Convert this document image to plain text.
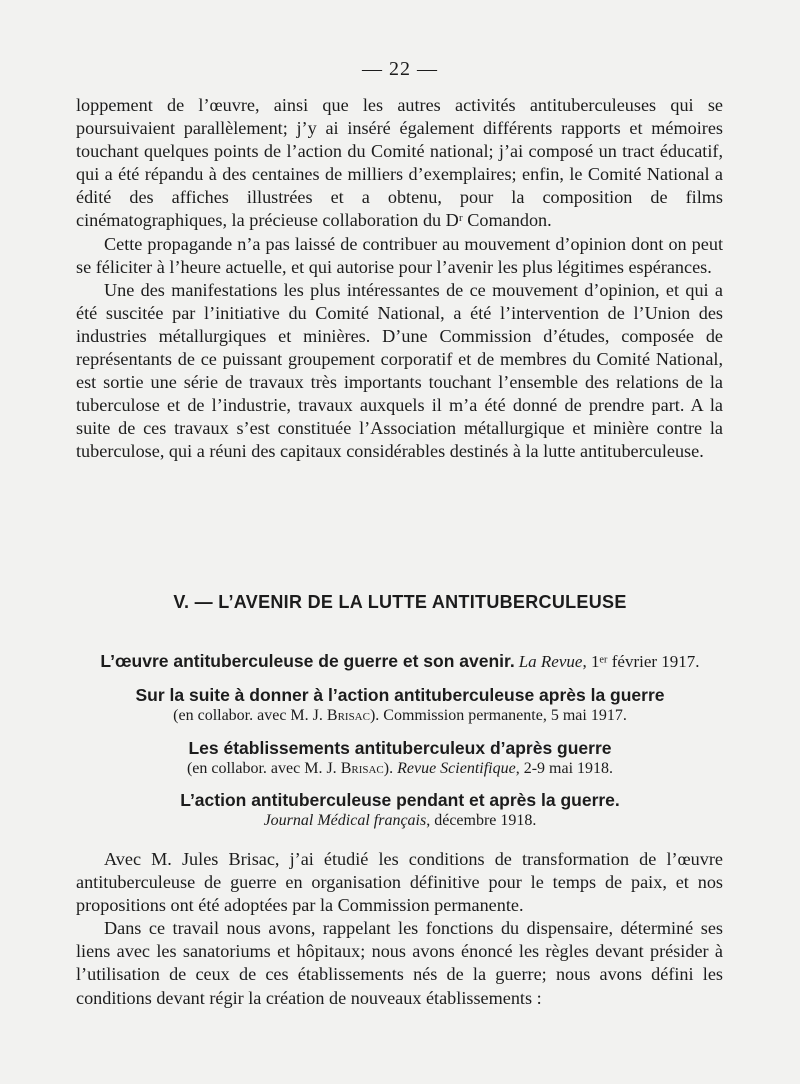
— 22 —

loppement de l’œuvre, ainsi que les autres activités antituberculeuses qui se poursuivaient parallèlement; j’y ai inséré également différents rapports et mémoires touchant quelques points de l’action du Comité national; j’ai composé un tract éducatif, qui a été répandu à des centaines de milliers d’exemplaires; enfin, le Comité National a édité des affiches illustrées et a obtenu, pour la composition de films cinématographiques, la précieuse collaboration du Dʳ Comandon.

Cette propagande n’a pas laissé de contribuer au mouvement d’opinion dont on peut se féliciter à l’heure actuelle, et qui autorise pour l’avenir les plus légitimes espérances.

Une des manifestations les plus intéressantes de ce mouvement d’opinion, et qui a été suscitée par l’initiative du Comité National, a été l’intervention de l’Union des industries métallurgiques et minières. D’une Commission d’études, composée de représentants de ce puissant groupement corporatif et de membres du Comité National, est sortie une série de travaux très importants touchant l’ensemble des relations de la tuberculose et de l’industrie, travaux auxquels il m’a été donné de prendre part. A la suite de ces travaux s’est constituée l’Association métallurgique et minière contre la tuberculose, qui a réuni des capitaux considérables destinés à la lutte antituberculeuse.

V. — L’AVENIR DE LA LUTTE ANTITUBERCULEUSE
L’œuvre antituberculeuse de guerre et son avenir. La Revue, 1ᵉʳ février 1917.
Sur la suite à donner à l’action antituberculeuse après la guerre
(en collabor. avec M. J. Brisac). Commission permanente, 5 mai 1917.
Les établissements antituberculeux d’après guerre
(en collabor. avec M. J. Brisac). Revue Scientifique, 2-9 mai 1918.
L’action antituberculeuse pendant et après la guerre.
Journal Médical français, décembre 1918.

Avec M. Jules Brisac, j’ai étudié les conditions de transformation de l’œuvre antituberculeuse de guerre en organisation définitive pour le temps de paix, et nos propositions ont été adoptées par la Commission permanente.

Dans ce travail nous avons, rappelant les fonctions du dispensaire, déterminé ses liens avec les sanatoriums et hôpitaux; nous avons énoncé les règles devant présider à l’utilisation de ceux de ces établissements nés de la guerre; nous avons défini les conditions devant régir la création de nouveaux établissements :
